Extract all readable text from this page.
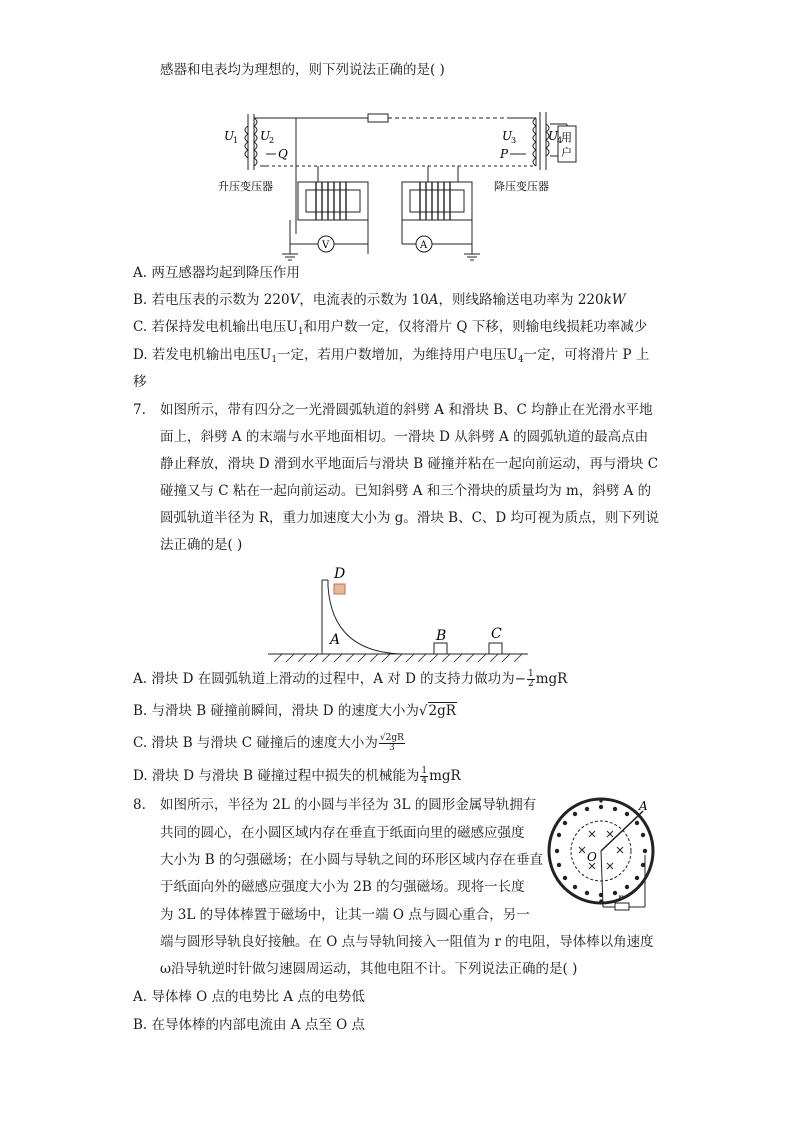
感器和电表均为理想的，则下列说法正确的是( )
U
1 U
2
Q
U
3
P
U
4
用
户
升压变压器	降压变压器
V	A
A. 两互感器均起到降压作用
B. 若电压表的示数为 220V，电流表的示数为 10A，则线路输送电功率为 220kW
C. 若保持发电机输出电压$U_1$和用户数一定，仅将滑片 Q 下移，则输电线损耗功率减少
D. 若发电机输出电压$U_1$一定，若用户数增加，为维持用户电压$U_4$一定，可将滑片 P 上
移
7. 如图所示，带有四分之一光滑圆弧轨道的斜劈 A 和滑块 B、C 均静止在光滑水平地
面上，斜劈 A 的末端与水平地面相切。一滑块 D 从斜劈 A 的圆弧轨道的最高点由
静止释放，滑块 D 滑到水平地面后与滑块 B 碰撞并粘在一起向前运动，再与滑块 C
碰撞又与 C 粘在一起向前运动。已知斜劈 A 和三个滑块的质量均为 m，斜劈 A 的
圆弧轨道半径为 R，重力加速度大小为 g。滑块 B、C、D 均可视为质点，则下列说
法正确的是( )
D
A	B	C
A. 滑块 D 在圆弧轨道上滑动的过程中，A 对 D 的支持力做功为− $\frac{1}{2}$ mgR
B. 与滑块 B 碰撞前瞬间，滑块 D 的速度大小为√2gR
C. 滑块 B 与滑块 C 碰撞后的速度大小为 $\frac{√2gR}{3}$
D. 滑块 D 与滑块 B 碰撞过程中损失的机械能为 $\frac{1}{4}$ mgR
8. 如图所示，半径为 2L 的小圆与半径为 3L 的圆形金属导轨拥有
共同的圆心，在小圆区域内存在垂直于纸面向里的磁感应强度
大小为 B 的匀强磁场；在小圆与导轨之间的环形区域内存在垂直
于纸面向外的磁感应强度大小为 2B 的匀强磁场。现将一长度
为 3L 的导体棒置于磁场中，让其一端 O 点与圆心重合，另一
端与圆形导轨良好接触。在 O 点与导轨间接入一阻值为 r 的电阻，导体棒以角速度
ω沿导轨逆时针做匀速圆周运动，其他电阻不计。下列说法正确的是( )
A
O
r
A. 导体棒 O 点的电势比 A 点的电势低
B. 在导体棒的内部电流由 A 点至 O 点
